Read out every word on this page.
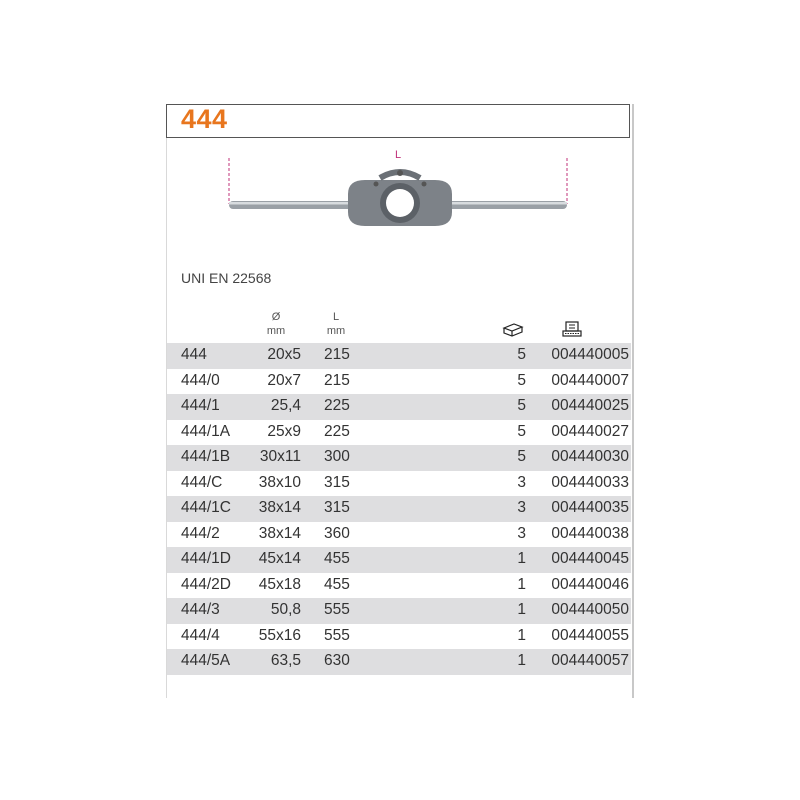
444
L
UNI EN 22568
Ø
mm
L
mm
444	20x5 215	5 004440005
444/0	20x7 215	5 004440007
444/1	25,4 225	5 004440025
444/1A 25x9 225	5 004440027
444/1B 30x11 300	5 004440030
444/C 38x10 315	3 004440033
444/1C 38x14 315	3 004440035
444/2	38x14 360	3 004440038
444/1D 45x14 455	1 004440045
444/2D 45x18 455	1 004440046
444/3	50,8 555	1 004440050
444/4	55x16 555	1 004440055
444/5A	63,5 630	1 004440057
